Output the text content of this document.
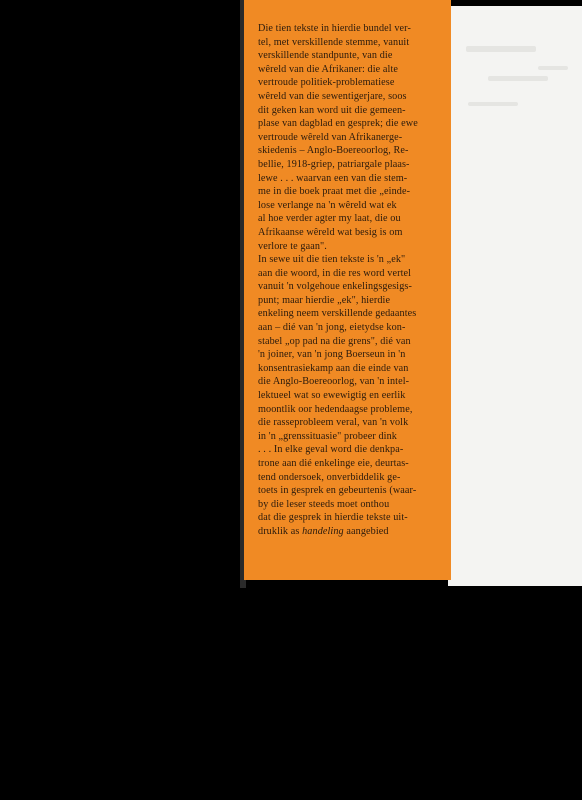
Die tien tekste in hierdie bundel ver-
tel, met verskillende stemme, vanuit
verskillende standpunte, van die
wêreld van die Afrikaner: die alte
vertroude politiek-problematiese
wêreld van die sewentigerjare, soos
dit geken kan word uit die gemeen-
plase van dagblad en gesprek; die ewe
vertroude wêreld van Afrikanerge-
skiedenis – Anglo-Boereoorlog, Re-
bellie, 1918-griep, patriargale plaas-
lewe . . . waarvan een van die stem-
me in die boek praat met die „einde-
lose verlange na 'n wêreld wat ek
al hoe verder agter my laat, die ou
Afrikaanse wêreld wat besig is om
verlore te gaan".
In sewe uit die tien tekste is 'n „ek"
aan die woord, in die res word vertel
vanuit 'n volgehoue enkelingsgesigs-
punt; maar hierdie „ek", hierdie
enkeling neem verskillende gedaantes
aan – dié van 'n jong, eietydse kon-
stabel „op pad na die grens", dié van
'n joiner, van 'n jong Boerseun in 'n
konsentrasiekamp aan die einde van
die Anglo-Boereoorlog, van 'n intel-
lektueel wat so ewewigtig en eerlik
moontlik oor hedendaagse probleme,
die rasseprobleem veral, van 'n volk
in 'n „grenssituasie" probeer dink
. . . In elke geval word die denkpa-
trone aan dié enkelinge eie, deurtas-
tend ondersoek, onverbiddelik ge-
toets in gesprek en gebeurtenis (waar-
by die leser steeds moet onthou
dat die gesprek in hierdie tekste uit-
druklik as handeling aangebied
